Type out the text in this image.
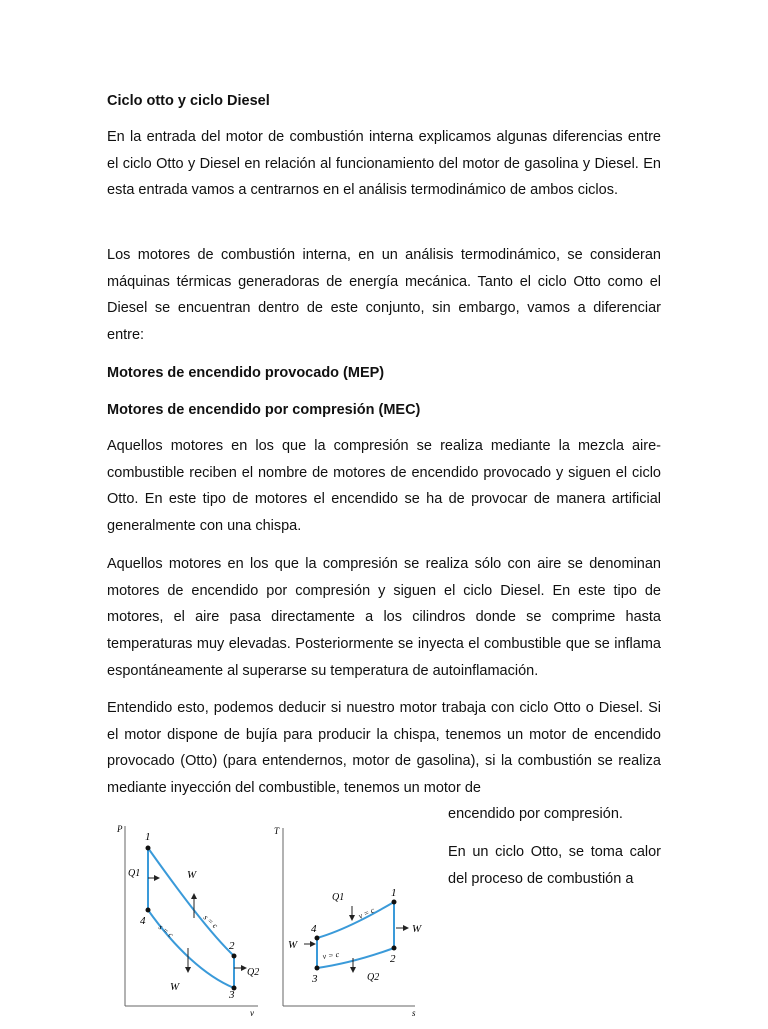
Ciclo otto y ciclo Diesel

En la entrada del motor de combustión interna explicamos algunas diferencias entre el ciclo Otto y Diesel en relación al funcionamiento del motor de gasolina y Diesel. En esta entrada vamos a centrarnos en el análisis termodinámico de ambos ciclos.

Los motores de combustión interna, en un análisis termodinámico, se consideran máquinas térmicas generadoras de energía mecánica. Tanto el ciclo Otto como el Diesel se encuentran dentro de este conjunto, sin embargo, vamos a diferenciar entre:

Motores de encendido provocado (MEP)

Motores de encendido por compresión (MEC)

Aquellos motores en los que la compresión se realiza mediante la mezcla aire-combustible reciben el nombre de motores de encendido provocado y siguen el ciclo Otto. En este tipo de motores el encendido se ha de provocar de manera artificial generalmente con una chispa.

Aquellos motores en los que la compresión se realiza sólo con aire se denominan motores de encendido por compresión y siguen el ciclo Diesel. En este tipo de motores, el aire pasa directamente a los cilindros donde se comprime hasta temperaturas muy elevadas. Posteriormente se inyecta el combustible que se inflama espontáneamente al superarse su temperatura de autoinflamación.

Entendido esto, podemos deducir si nuestro motor trabaja con ciclo Otto o Diesel. Si el motor dispone de bujía para producir la chispa, tenemos un motor de encendido provocado (Otto) (para entendernos, motor de gasolina), si la combustión se realiza mediante inyección del combustible, tenemos un motor de

encendido por compresión.

En un ciclo Otto, se toma calor del proceso de combustión a

P
v
1
2
3
4
Q1
Q2
W
W
s = c
s = c
T
s
1
2
3
4
Q1
Q2
W
W
v = c
v = c
